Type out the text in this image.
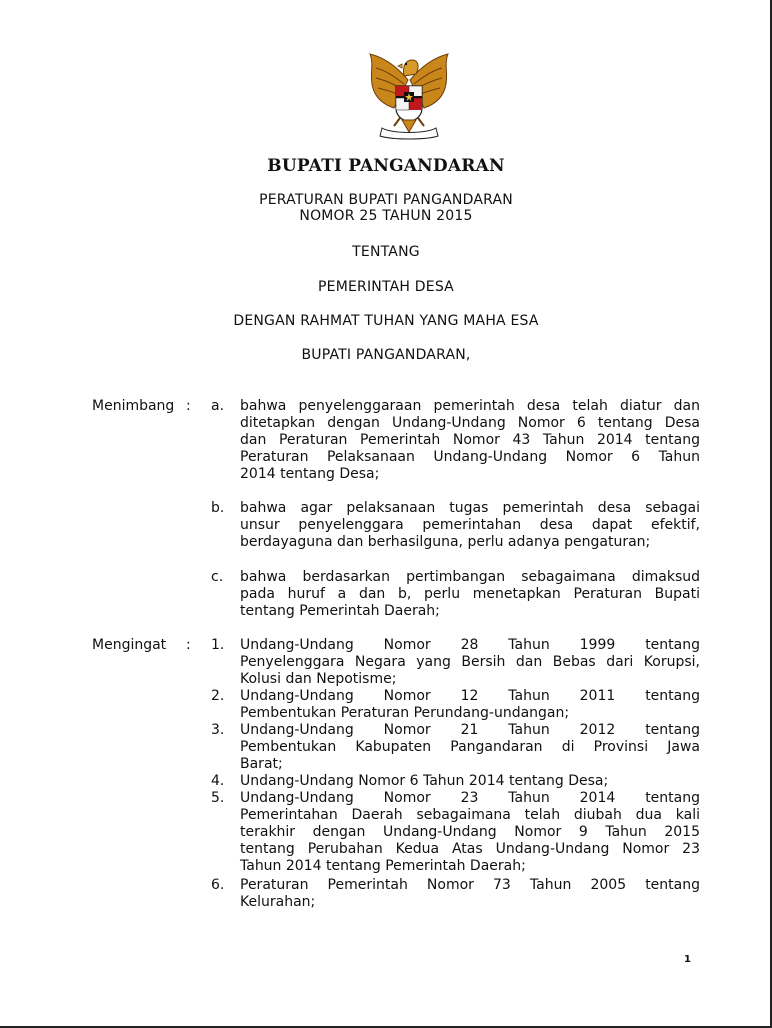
BUPATI PANGANDARAN
PERATURAN BUPATI PANGANDARAN
NOMOR 25 TAHUN 2015
TENTANG
PEMERINTAH DESA
DENGAN RAHMAT TUHAN YANG MAHA ESA
BUPATI PANGANDARAN,
Menimbang : a. bahwa penyelenggaraan pemerintah desa telah diatur dan
ditetapkan dengan Undang-Undang Nomor 6 tentang Desa
dan Peraturan Pemerintah Nomor 43 Tahun 2014 tentang
Peraturan Pelaksanaan Undang-Undang Nomor 6 Tahun
2014 tentang Desa;
b. bahwa agar pelaksanaan tugas pemerintah desa sebagai
unsur penyelenggara pemerintahan desa dapat efektif,
berdayaguna dan berhasilguna, perlu adanya pengaturan;
c. bahwa berdasarkan pertimbangan sebagaimana dimaksud
pada huruf a dan b, perlu menetapkan Peraturan Bupati
tentang Pemerintah Daerah;
Mengingat : 1. Undang-Undang Nomor 28 Tahun 1999 tentang
Penyelenggara Negara yang Bersih dan Bebas dari Korupsi,
Kolusi dan Nepotisme;
2. Undang-Undang Nomor 12 Tahun 2011 tentang
Pembentukan Peraturan Perundang-undangan;
3. Undang-Undang Nomor 21 Tahun 2012 tentang
Pembentukan Kabupaten Pangandaran di Provinsi Jawa
Barat;
4. Undang-Undang Nomor 6 Tahun 2014 tentang Desa;
5. Undang-Undang Nomor 23 Tahun 2014 tentang
Pemerintahan Daerah sebagaimana telah diubah dua kali
terakhir dengan Undang-Undang Nomor 9 Tahun 2015
tentang Perubahan Kedua Atas Undang-Undang Nomor 23
Tahun 2014 tentang Pemerintah Daerah;
6. Peraturan Pemerintah Nomor 73 Tahun 2005 tentang
Kelurahan;
1
